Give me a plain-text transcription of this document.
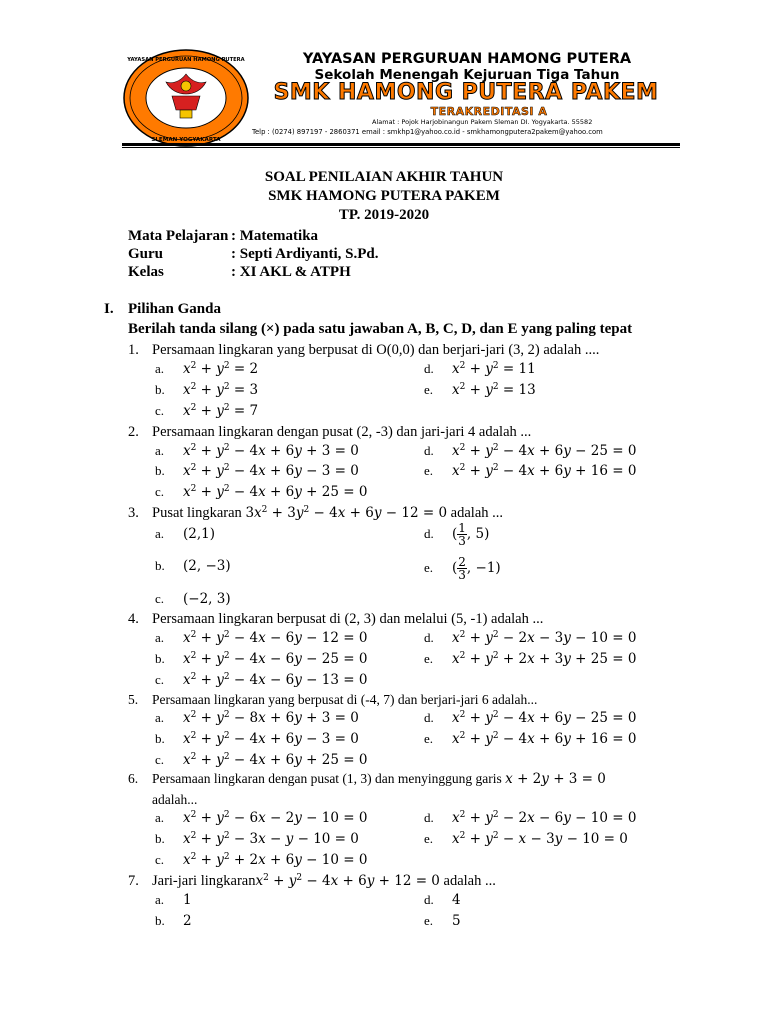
YAYASAN PERGURUAN HAMONG PUTERA
SLEMAN YOGYAKARTA
YAYASAN PERGURUAN HAMONG PUTERA
Sekolah Menengah Kejuruan Tiga Tahun
SMK HAMONG PUTERA PAKEM
TERAKREDITASI A
Alamat : Pojok Harjobinangun Pakem Sleman DI. Yogyakarta. 55582
Telp : (0274) 897197 - 2860371 email : smkhp1@yahoo.co.id - smkhamongputera2pakem@yahoo.com
SOAL PENILAIAN AKHIR TAHUN
SMK HAMONG PUTERA PAKEM
TP. 2019-2020
Mata Pelajaran : Matematika
Guru	: Septi Ardiyanti, S.Pd.
Kelas	: XI AKL & ATPH
I. Pilihan Ganda
Berilah tanda silang (×) pada satu jawaban A, B, C, D, dan E yang paling tepat
1. Persamaan lingkaran yang berpusat di O(0,0) dan berjari-jari (3, 2) adalah ....
a. $x^2 + y^2 = 2$
b. $x^2 + y^2 = 3$
c. $x^2 + y^2 = 7$
d. $x^2 + y^2 = 11$
e. $x^2 + y^2 = 13$
2. Persamaan lingkaran dengan pusat (2, -3) dan jari-jari 4 adalah ...
a. $x^2 + y^2 - 4x + 6y + 3 = 0$
b. $x^2 + y^2 - 4x + 6y - 3 = 0$
c. $x^2 + y^2 - 4x + 6y + 25 = 0$
d. $x^2 + y^2 - 4x + 6y - 25 = 0$
e. $x^2 + y^2 - 4x + 6y + 16 = 0$
3. Pusat lingkaran $3x^2 + 3y^2 - 4x + 6y - 12 = 0$ adalah ...
a. (2,1)
b. (2, −3)
c. (−2, 3)
d. ( $\frac{1}{3}$ , 5)
e. ( $\frac{2}{3}$ , −1)
4. Persamaan lingkaran berpusat di (2, 3) dan melalui (5, -1) adalah ...
a. $x^2 + y^2 - 4x - 6y - 12 = 0$
b. $x^2 + y^2 - 4x - 6y - 25 = 0$
c. $x^2 + y^2 - 4x - 6y - 13 = 0$
d. $x^2 + y^2 - 2x - 3y - 10 = 0$
e. $x^2 + y^2 + 2x + 3y + 25 = 0$
5. Persamaan lingkaran yang berpusat di (-4, 7) dan berjari-jari 6 adalah...
a. $x^2 + y^2 - 8x + 6y + 3 = 0$
b. $x^2 + y^2 - 4x + 6y - 3 = 0$
c. $x^2 + y^2 - 4x + 6y + 25 = 0$
d. $x^2 + y^2 - 4x + 6y - 25 = 0$
e. $x^2 + y^2 - 4x + 6y + 16 = 0$
6. Persamaan lingkaran dengan pusat (1, 3) dan menyinggung garis x + 2y + 3 = 0
adalah...
a. $x^2 + y^2 - 6x - 2y - 10 = 0$
b. $x^2 + y^2 - 3x - y - 10 = 0$
c. $x^2 + y^2 + 2x + 6y - 10 = 0$
d. $x^2 + y^2 - 2x - 6y - 10 = 0$
e. $x^2 + y^2 - x - 3y - 10 = 0$
7. Jari-jari lingkaranx$^2$ + $y^2 - 4x + 6y + 12 = 0$ adalah ...
a. 1
b. 2
d. 4
e. 5
